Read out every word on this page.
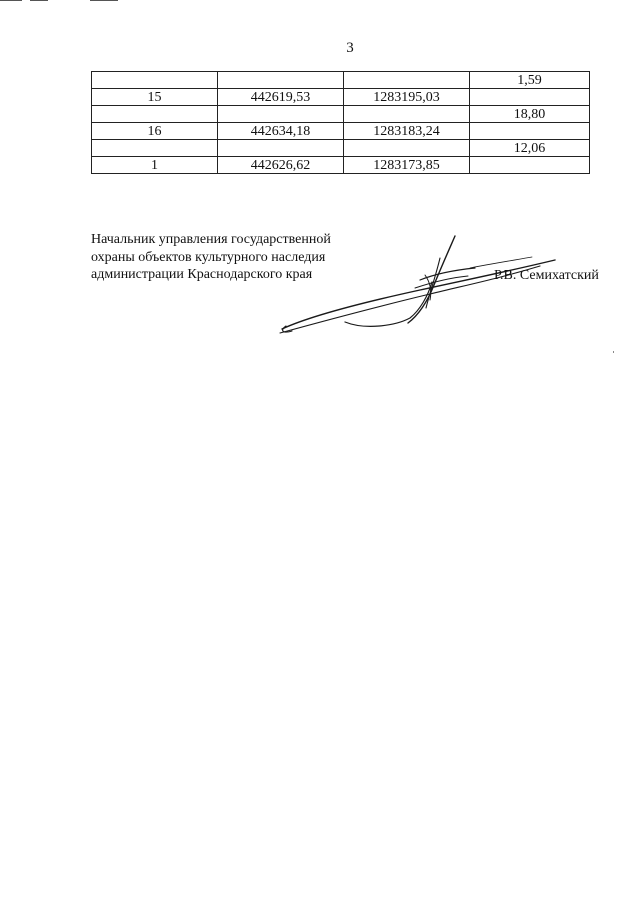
3
			1,59
15	442619,53	1283195,03	
			18,80
16	442634,18	1283183,24	
			12,06
1	442626,62	1283173,85	
Начальник управления государственной
охраны объектов культурного наследия
администрации Краснодарского края	Р.В. Семихатский
